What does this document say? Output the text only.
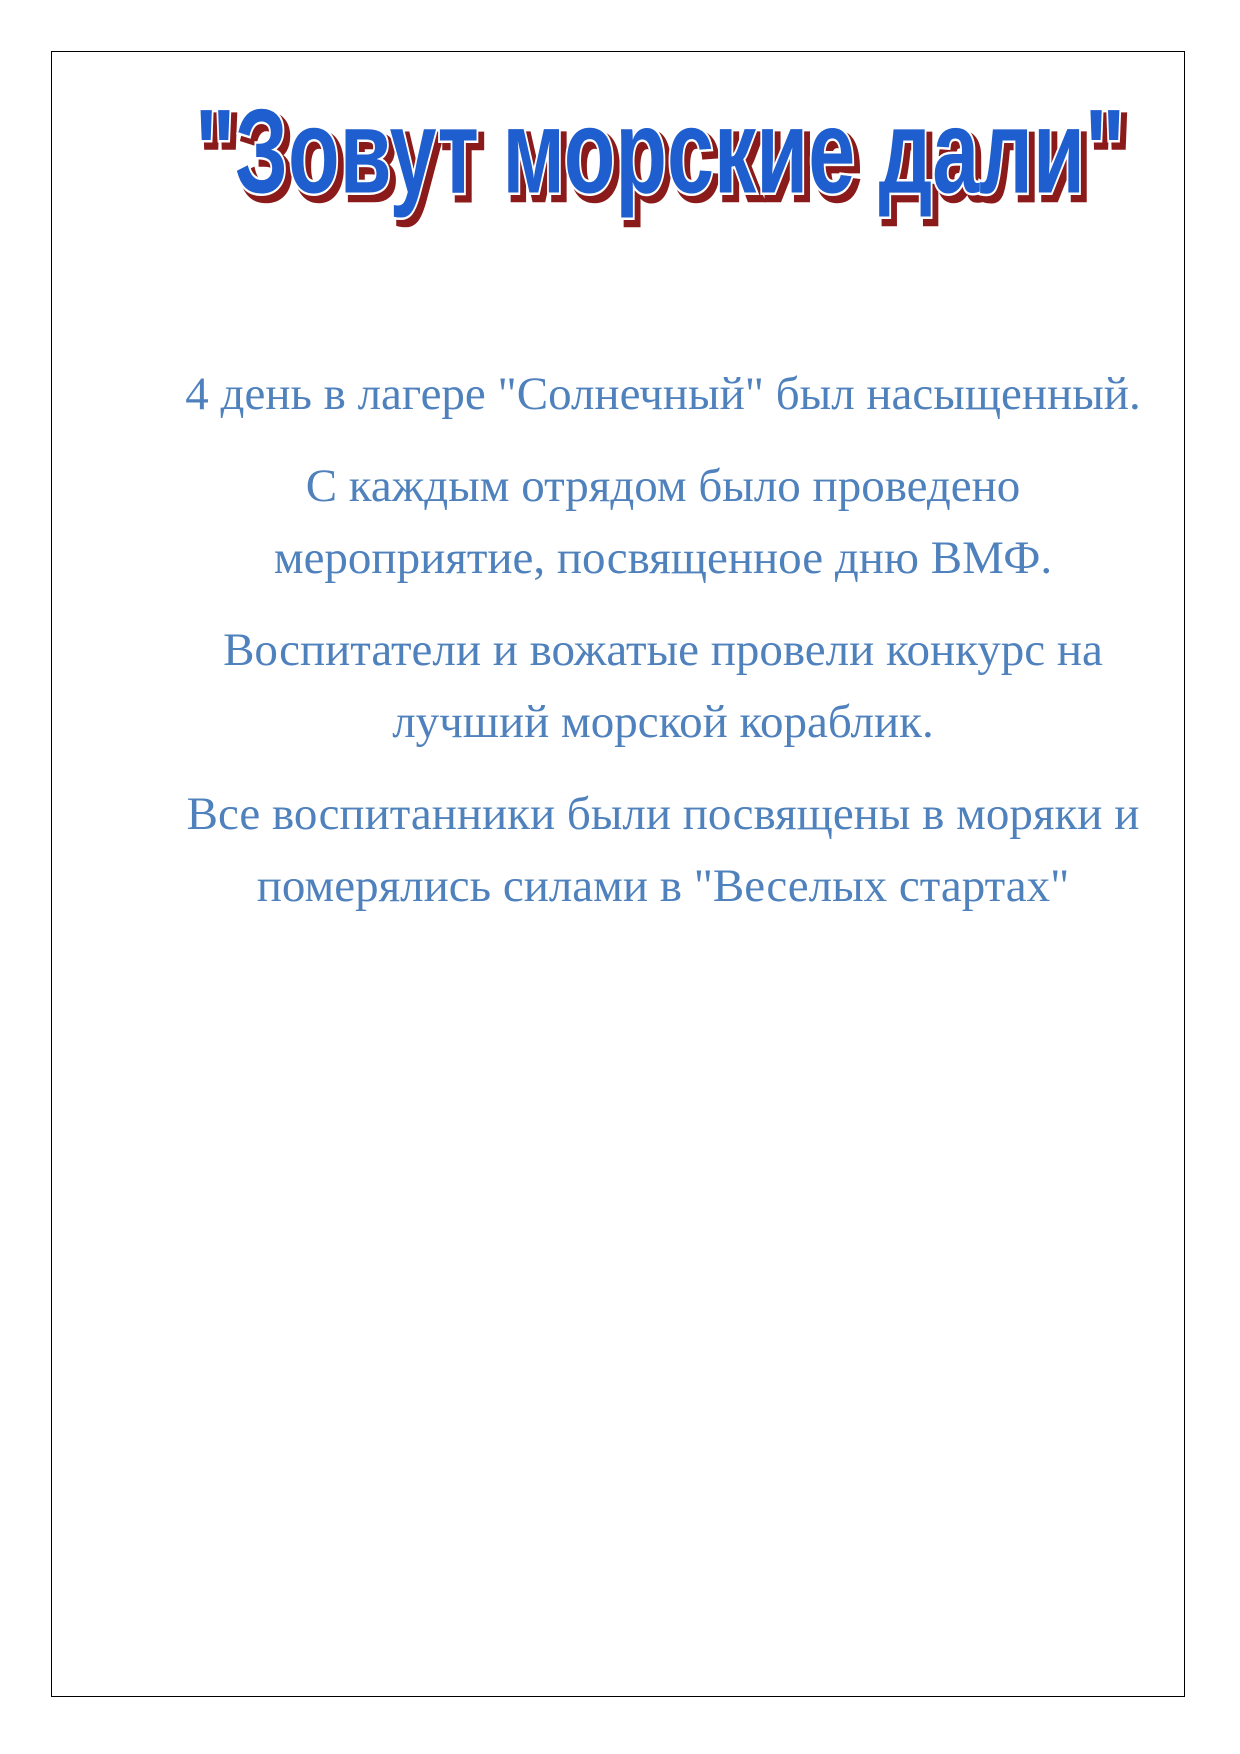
"Зовут морские дали"
"Зовут морские дали"

4 день в лагере "Солнечный" был насыщенный.

С каждым отрядом было проведено мероприятие, посвященное дню ВМФ.

Воспитатели и вожатые провели конкурс на лучший морской кораблик.

Все воспитанники были посвящены в моряки и померялись силами в "Веселых стартах"
